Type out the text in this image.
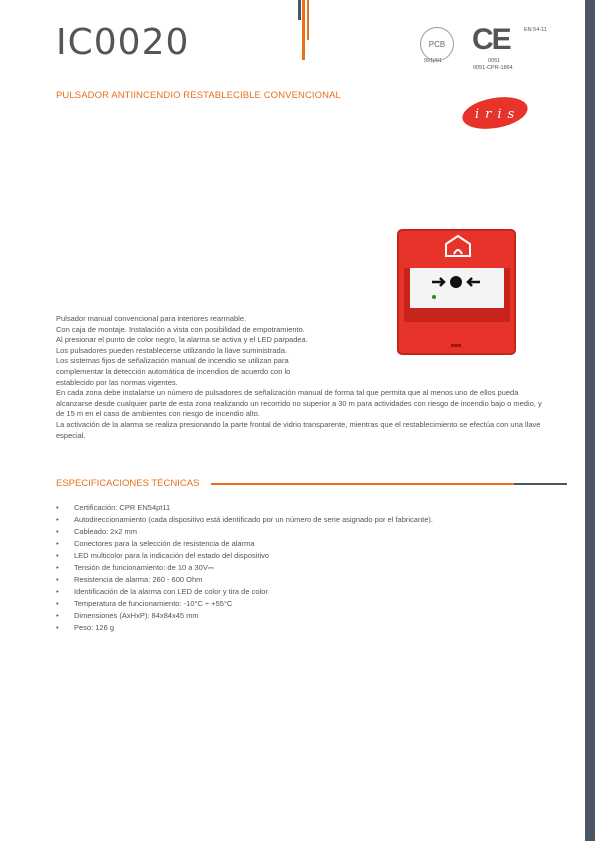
IC0020
PULSADOR ANTIINCENDIO RESTABLECIBLE CONVENCIONAL
PCB
991j/01
CE
0051
0051-CPR-1864
EN 54-11
iris

Pulsador manual convencional para interiores rearmable.

Con caja de montaje. Instalación a vista con posibilidad de empotramiento.

Al presionar el punto de color negro, la alarma se activa y el LED parpadea.

Los pulsadores pueden restablecerse utilizando la llave suministrada.

Los sistemas fijos de señalización manual de incendio se utilizan para

complementar la detección automática de incendios de acuerdo con lo

establecido por las normas vigentes.

En cada zona debe instalarse un número de pulsadores de señalización manual de forma tal que permita que al menos uno de ellos pueda alcanzarse desde cualquier parte de esta zona realizando un recorrido no superior a 30 m para actividades con riesgo de incendio bajo o medio, y de 15 m en el caso de ambientes con riesgo de incendio alto.

La activación de la alarma se realiza presionando la parte frontal de vidrio transparente, mientras que el restablecimiento se efectúa con una llave especial.

ESPECIFICACIONES TÉCNICAS
• Certificación: CPR EN54pt11
• Autodireccionamiento (cada dispositivo está identificado por un número de serie asignado por el fabricante).
• Cableado: 2x2 mm
• Conectores para la selección de resistencia de alarma
• LED multicolor para la indicación del estado del dispositivo
• Tensión de funcionamiento: de 10 a 30V⎓
• Resistencia de alarma: 260 - 600 Ohm
• Identificación de la alarma con LED de color y tira de color
• Temperatura de funcionamiento: -10°C ÷ +55°C
• Dimensiones (AxHxP): 84x84x45 mm
• Peso: 126 g
